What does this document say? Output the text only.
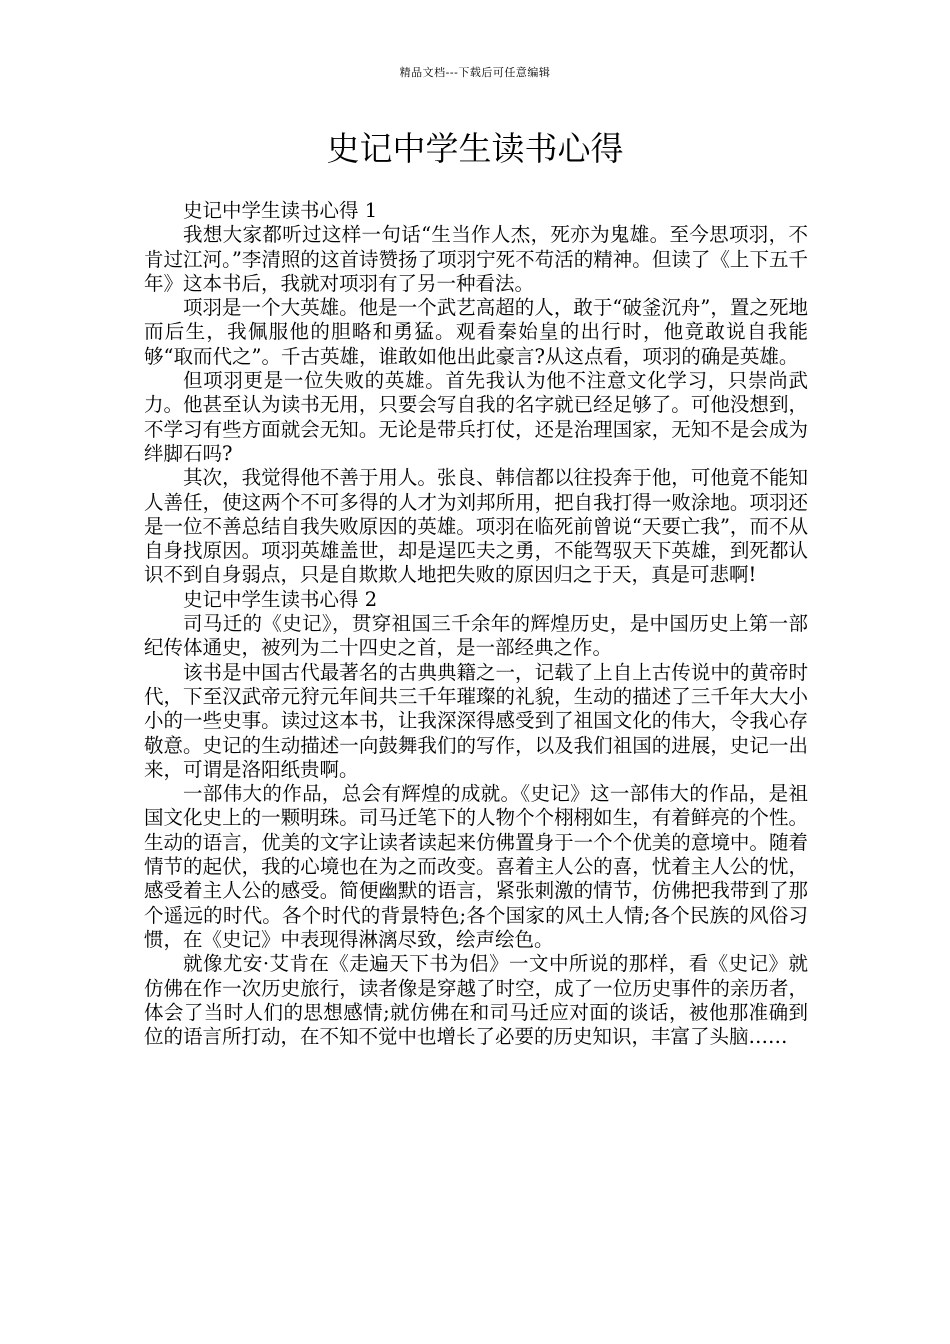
精品文档---下载后可任意编辑
史记中学生读书心得

史记中学生读书心得 1

我想大家都听过这样一句话“生当作人杰，死亦为鬼雄。至今思项羽，不肯过江河。”李清照的这首诗赞扬了项羽宁死不苟活的精神。但读了《上下五千年》这本书后，我就对项羽有了另一种看法。

项羽是一个大英雄。他是一个武艺高超的人，敢于“破釜沉舟”，置之死地而后生，我佩服他的胆略和勇猛。观看秦始皇的出行时，他竟敢说自我能够“取而代之”。千古英雄，谁敢如他出此豪言?从这点看，项羽的确是英雄。

但项羽更是一位失败的英雄。首先我认为他不注意文化学习，只崇尚武力。他甚至认为读书无用，只要会写自我的名字就已经足够了。可他没想到，不学习有些方面就会无知。无论是带兵打仗，还是治理国家，无知不是会成为绊脚石吗?

其次，我觉得他不善于用人。张良、韩信都以往投奔于他，可他竟不能知人善任，使这两个不可多得的人才为刘邦所用，把自我打得一败涂地。项羽还是一位不善总结自我失败原因的英雄。项羽在临死前曾说“天要亡我”，而不从自身找原因。项羽英雄盖世，却是逞匹夫之勇，不能驾驭天下英雄，到死都认识不到自身弱点，只是自欺欺人地把失败的原因归之于天，真是可悲啊!

史记中学生读书心得 2

司马迁的《史记》，贯穿祖国三千余年的辉煌历史，是中国历史上第一部纪传体通史，被列为二十四史之首，是一部经典之作。

该书是中国古代最著名的古典典籍之一，记载了上自上古传说中的黄帝时代，下至汉武帝元狩元年间共三千年璀璨的礼貌，生动的描述了三千年大大小小的一些史事。读过这本书，让我深深得感受到了祖国文化的伟大，令我心存敬意。史记的生动描述一向鼓舞我们的写作，以及我们祖国的进展，史记一出来，可谓是洛阳纸贵啊。

一部伟大的作品，总会有辉煌的成就。《史记》这一部伟大的作品，是祖国文化史上的一颗明珠。司马迁笔下的人物个个栩栩如生，有着鲜亮的个性。生动的语言，优美的文字让读者读起来仿佛置身于一个个优美的意境中。随着情节的起伏，我的心境也在为之而改变。喜着主人公的喜，忧着主人公的忧，感受着主人公的感受。简便幽默的语言，紧张刺激的情节，仿佛把我带到了那个遥远的时代。各个时代的背景特色;各个国家的风土人情;各个民族的风俗习惯，在《史记》中表现得淋漓尽致，绘声绘色。

就像尤安·艾肯在《走遍天下书为侣》一文中所说的那样，看《史记》就仿佛在作一次历史旅行，读者像是穿越了时空，成了一位历史事件的亲历者，体会了当时人们的思想感情;就仿佛在和司马迁应对面的谈话，被他那准确到位的语言所打动，在不知不觉中也增长了必要的历史知识，丰富了头脑……
